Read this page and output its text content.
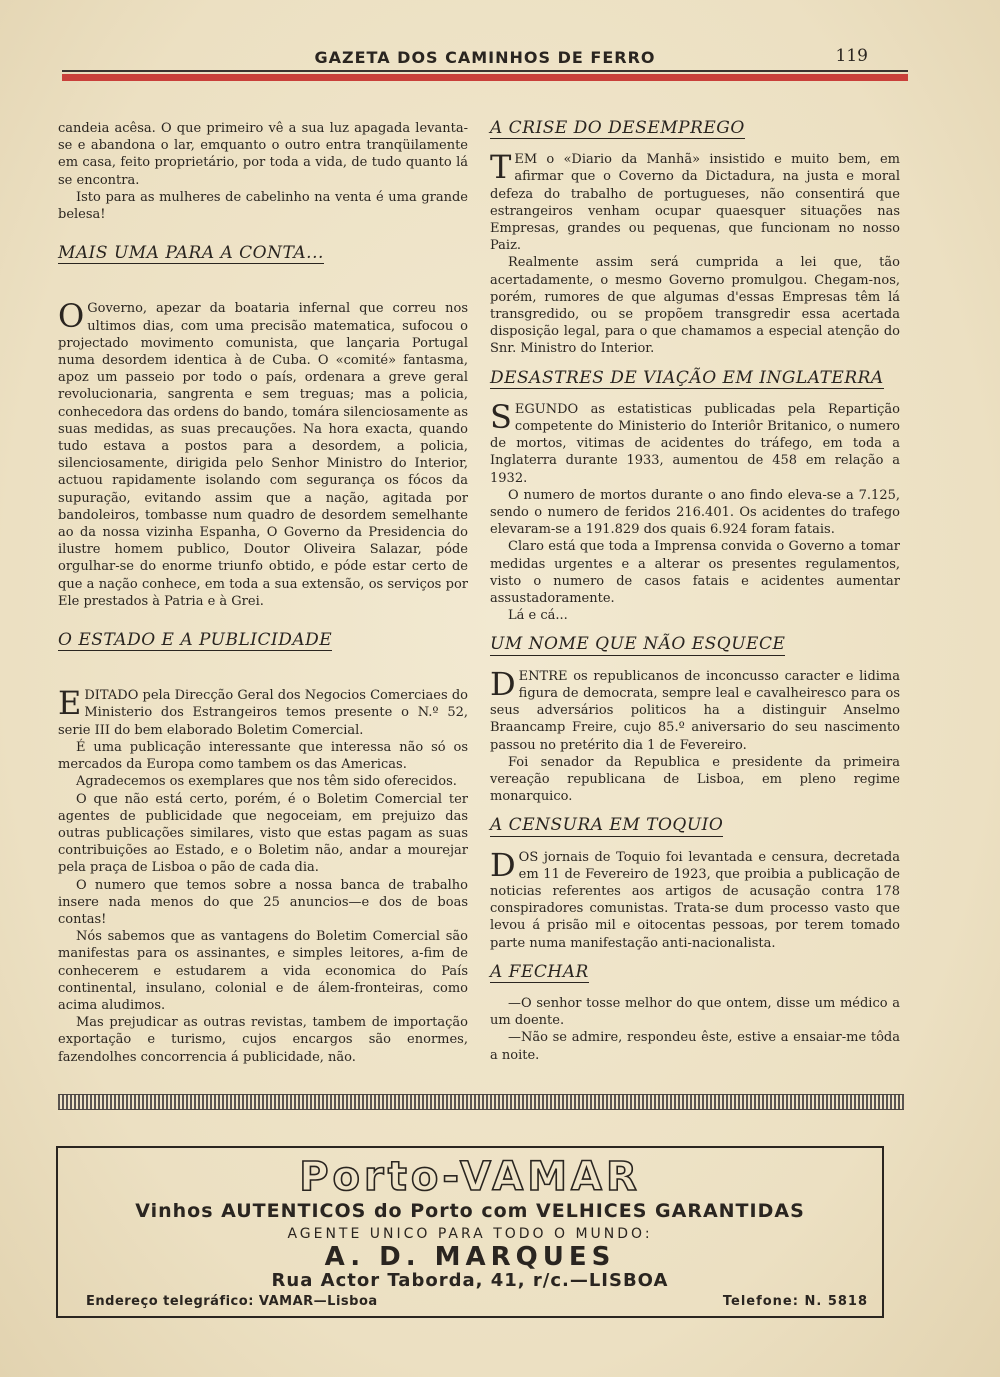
GAZETA DOS CAMINHOS DE FERRO	119

candeia acêsa. O que primeiro vê a sua luz apagada levanta-se e abandona o lar, emquanto o outro entra tranqüilamente em casa, feito proprietário, por toda a vida, de tudo quanto lá se encontra.

Isto para as mulheres de cabelinho na venta é uma grande belesa!

MAIS UMA PARA A CONTA...

O Governo, apezar da boataria infernal que correu nos ultimos dias, com uma precisão matematica, sufocou o projectado movimento comunista, que lançaria Portugal numa desordem identica à de Cuba. O «comité» fantasma, apoz um passeio por todo o país, ordenara a greve geral revolucionaria, sangrenta e sem treguas; mas a policia, conhecedora das ordens do bando, tomára silenciosamente as suas medidas, as suas precauções. Na hora exacta, quando tudo estava a postos para a desordem, a policia, silenciosamente, dirigida pelo Senhor Ministro do Interior, actuou rapidamente isolando com segurança os fócos da supuração, evitando assim que a nação, agitada por bandoleiros, tombasse num quadro de desordem semelhante ao da nossa vizinha Espanha, O Governo da Presidencia do ilustre homem publico, Doutor Oliveira Salazar, póde orgulhar-se do enorme triunfo obtido, e póde estar certo de que a nação conhece, em toda a sua extensão, os serviços por Ele prestados à Patria e à Grei.

O ESTADO E A PUBLICIDADE

EDITADO pela Direcção Geral dos Negocios Comerciaes do Ministerio dos Estrangeiros temos presente o N.º 52, serie III do bem elaborado Boletim Comercial.

É uma publicação interessante que interessa não só os mercados da Europa como tambem os das Americas.

Agradecemos os exemplares que nos têm sido oferecidos.

O que não está certo, porém, é o Boletim Comercial ter agentes de publicidade que negoceiam, em prejuizo das outras publicações similares, visto que estas pagam as suas contribuições ao Estado, e o Boletim não, andar a mourejar pela praça de Lisboa o pão de cada dia.

O numero que temos sobre a nossa banca de trabalho insere nada menos do que 25 anuncios—e dos de boas contas!

Nós sabemos que as vantagens do Boletim Comercial são manifestas para os assinantes, e simples leitores, a-fim de conhecerem e estudarem a vida economica do País continental, insulano, colonial e de álem-fronteiras, como acima aludimos.

Mas prejudicar as outras revistas, tambem de importação exportação e turismo, cujos encargos são enormes, fazendolhes concorrencia á publicidade, não.

A CRISE DO DESEMPREGO

TEM o «Diario da Manhã» insistido e muito bem, em afirmar que o Coverno da Dictadura, na justa e moral defeza do trabalho de portugueses, não consentirá que estrangeiros venham ocupar quaesquer situações nas Empresas, grandes ou pequenas, que funcionam no nosso Paiz.

Realmente assim será cumprida a lei que, tão acertadamente, o mesmo Governo promulgou. Chegam-nos, porém, rumores de que algumas d'essas Empresas têm lá transgredido, ou se propõem transgredir essa acertada disposição legal, para o que chamamos a especial atenção do Snr. Ministro do Interior.

DESASTRES DE VIAÇÃO EM INGLATERRA

SEGUNDO as estatisticas publicadas pela Repartição competente do Ministerio do Interiôr Britanico, o numero de mortos, vitimas de acidentes do tráfego, em toda a Inglaterra durante 1933, aumentou de 458 em relação a 1932.

O numero de mortos durante o ano findo eleva-se a 7.125, sendo o numero de feridos 216.401. Os acidentes do trafego elevaram-se a 191.829 dos quais 6.924 foram fatais.

Claro está que toda a Imprensa convida o Governo a tomar medidas urgentes e a alterar os presentes regulamentos, visto o numero de casos fatais e acidentes aumentar assustadoramente.

Lá e cá...

UM NOME QUE NÃO ESQUECE

DENTRE os republicanos de inconcusso caracter e lidima figura de democrata, sempre leal e cavalheiresco para os seus adversários politicos ha a distinguir Anselmo Braancamp Freire, cujo 85.º aniversario do seu nascimento passou no pretérito dia 1 de Fevereiro.

Foi senador da Republica e presidente da primeira vereação republicana de Lisboa, em pleno regime monarquico.

A CENSURA EM TOQUIO

DOS jornais de Toquio foi levantada e censura, decretada em 11 de Fevereiro de 1923, que proibia a publicação de noticias referentes aos artigos de acusação contra 178 conspiradores comunistas. Trata-se dum processo vasto que levou á prisão mil e oitocentas pessoas, por terem tomado parte numa manifestação anti-nacionalista.

A FECHAR

—O senhor tosse melhor do que ontem, disse um médico a um doente.

—Não se admire, respondeu êste, estive a ensaiar-me tôda a noite.

Porto-VAMAR
Vinhos AUTENTICOS do Porto com VELHICES GARANTIDAS
AGENTE UNICO PARA TODO O MUNDO:
A. D. MARQUES
Rua Actor Taborda, 41, r/c.—LISBOA
Endereço telegráfico: VAMAR—Lisboa	Telefone: N. 5818
